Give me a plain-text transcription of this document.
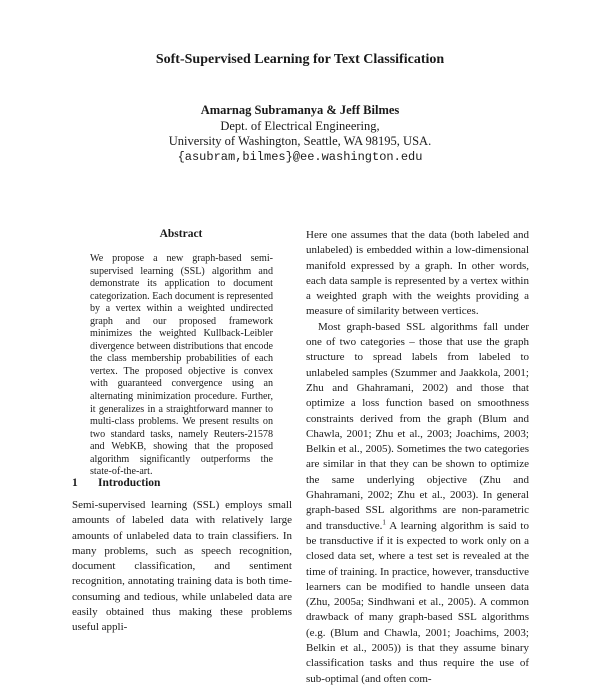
Soft-Supervised Learning for Text Classification
Amarnag Subramanya & Jeff Bilmes
Dept. of Electrical Engineering,
University of Washington, Seattle, WA 98195, USA.
{asubram,bilmes}@ee.washington.edu
Abstract
We propose a new graph-based semi-supervised learning (SSL) algorithm and demonstrate its application to document categorization. Each document is represented by a vertex within a weighted undirected graph and our proposed framework minimizes the weighted Kullback-Leibler divergence between distributions that encode the class membership probabilities of each vertex. The proposed objective is convex with guaranteed convergence using an alternating minimization procedure. Further, it generalizes in a straightforward manner to multi-class problems. We present results on two standard tasks, namely Reuters-21578 and WebKB, showing that the proposed algorithm significantly outperforms the state-of-the-art.
1 Introduction
Semi-supervised learning (SSL) employs small amounts of labeled data with relatively large amounts of unlabeled data to train classifiers. In many problems, such as speech recognition, document classification, and sentiment recognition, annotating training data is both time-consuming and tedious, while unlabeled data are easily obtained thus making these problems useful appli-

Here one assumes that the data (both labeled and unlabeled) is embedded within a low-dimensional manifold expressed by a graph. In other words, each data sample is represented by a vertex within a weighted graph with the weights providing a measure of similarity between vertices.

Most graph-based SSL algorithms fall under one of two categories – those that use the graph structure to spread labels from labeled to unlabeled samples (Szummer and Jaakkola, 2001; Zhu and Ghahramani, 2002) and those that optimize a loss function based on smoothness constraints derived from the graph (Blum and Chawla, 2001; Zhu et al., 2003; Joachims, 2003; Belkin et al., 2005). Sometimes the two categories are similar in that they can be shown to optimize the same underlying objective (Zhu and Ghahramani, 2002; Zhu et al., 2003). In general graph-based SSL algorithms are non-parametric and transductive.$^1$ A learning algorithm is said to be transductive if it is expected to work only on a closed data set, where a test set is revealed at the time of training. In practice, however, transductive learners can be modified to handle unseen data (Zhu, 2005a; Sindhwani et al., 2005). A common drawback of many graph-based SSL algorithms (e.g. (Blum and Chawla, 2001; Joachims, 2003; Belkin et al., 2005)) is that they assume binary classification tasks and thus require the use of sub-optimal (and often com-
